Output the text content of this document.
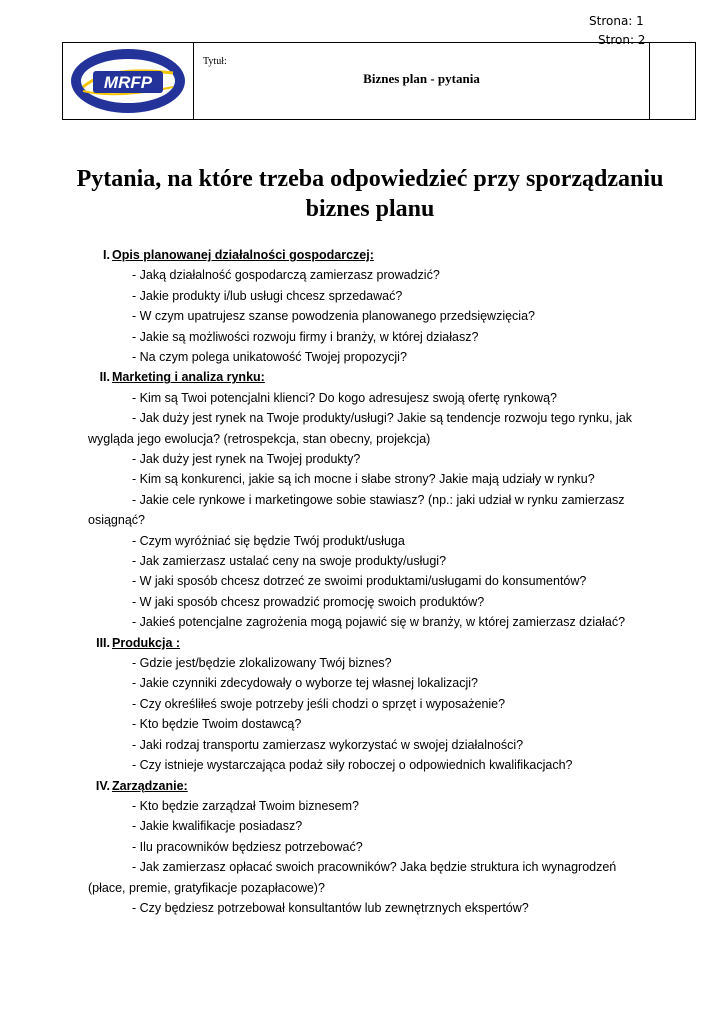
MRFP
Tytuł:
Biznes plan - pytania
Strona: 1
Stron: 2
Pytania, na które trzeba odpowiedzieć przy sporządzaniu
biznes planu
I. Opis planowanej działalności gospodarczej:
- Jaką działalność gospodarczą zamierzasz prowadzić?
- Jakie produkty i/lub usługi chcesz sprzedawać?
- W czym upatrujesz szanse powodzenia planowanego przedsięwzięcia?
- Jakie są możliwości rozwoju firmy i branży, w której działasz?
- Na czym polega unikatowość Twojej propozycji?
II. Marketing i analiza rynku:
- Kim są Twoi potencjalni klienci? Do kogo adresujesz swoją ofertę rynkową?
- Jak duży jest rynek na Twoje produkty/usługi? Jakie są tendencje rozwoju tego rynku, jak
wygląda jego ewolucja? (retrospekcja, stan obecny, projekcja)
- Jak duży jest rynek na Twojej produkty?
- Kim są konkurenci, jakie są ich mocne i słabe strony? Jakie mają udziały w rynku?
- Jakie cele rynkowe i marketingowe sobie stawiasz? (np.: jaki udział w rynku zamierzasz
osiągnąć?
- Czym wyróżniać się będzie Twój produkt/usługa
- Jak zamierzasz ustalać ceny na swoje produkty/usługi?
- W jaki sposób chcesz dotrzeć ze swoimi produktami/usługami do konsumentów?
- W jaki sposób chcesz prowadzić promocję swoich produktów?
- Jakieś potencjalne zagrożenia mogą pojawić się w branży, w której zamierzasz działać?
III. Produkcja :
- Gdzie jest/będzie zlokalizowany Twój biznes?
- Jakie czynniki zdecydowały o wyborze tej własnej lokalizacji?
- Czy określiłeś swoje potrzeby jeśli chodzi o sprzęt i wyposażenie?
- Kto będzie Twoim dostawcą?
- Jaki rodzaj transportu zamierzasz wykorzystać w swojej działalności?
- Czy istnieje wystarczająca podaż siły roboczej o odpowiednich kwalifikacjach?
IV. Zarządzanie:
- Kto będzie zarządzał Twoim biznesem?
- Jakie kwalifikacje posiadasz?
- Ilu pracowników będziesz potrzebować?
- Jak zamierzasz opłacać swoich pracowników? Jaka będzie struktura ich wynagrodzeń
(płace, premie, gratyfikacje pozapłacowe)?
- Czy będziesz potrzebował konsultantów lub zewnętrznych ekspertów?
